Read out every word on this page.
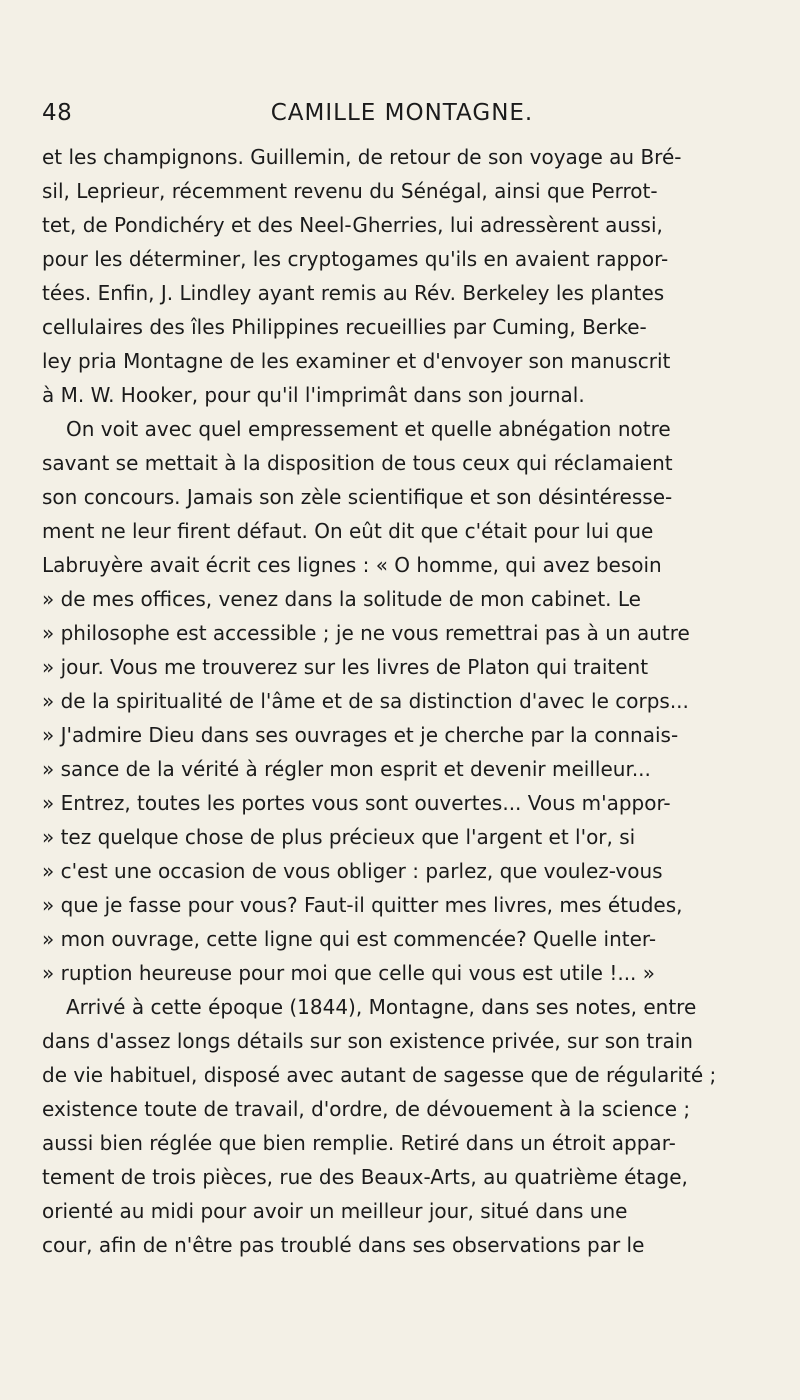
48	CAMILLE MONTAGNE.
et les champignons. Guillemin, de retour de son voyage au Bré-
sil, Leprieur, récemment revenu du Sénégal, ainsi que Perrot-
tet, de Pondichéry et des Neel-Gherries, lui adressèrent aussi,
pour les déterminer, les cryptogames qu'ils en avaient rappor-
tées. Enfin, J. Lindley ayant remis au Rév. Berkeley les plantes
cellulaires des îles Philippines recueillies par Cuming, Berke-
ley pria Montagne de les examiner et d'envoyer son manuscrit
à M. W. Hooker, pour qu'il l'imprimât dans son journal.
On voit avec quel empressement et quelle abnégation notre
savant se mettait à la disposition de tous ceux qui réclamaient
son concours. Jamais son zèle scientifique et son désintéresse-
ment ne leur firent défaut. On eût dit que c'était pour lui que
Labruyère avait écrit ces lignes : « O homme, qui avez besoin
» de mes offices, venez dans la solitude de mon cabinet. Le
» philosophe est accessible ; je ne vous remettrai pas à un autre
» jour. Vous me trouverez sur les livres de Platon qui traitent
» de la spiritualité de l'âme et de sa distinction d'avec le corps...
» J'admire Dieu dans ses ouvrages et je cherche par la connais-
» sance de la vérité à régler mon esprit et devenir meilleur...
» Entrez, toutes les portes vous sont ouvertes... Vous m'appor-
» tez quelque chose de plus précieux que l'argent et l'or, si
» c'est une occasion de vous obliger : parlez, que voulez-vous
» que je fasse pour vous? Faut-il quitter mes livres, mes études,
» mon ouvrage, cette ligne qui est commencée? Quelle inter-
» ruption heureuse pour moi que celle qui vous est utile !... »
Arrivé à cette époque (1844), Montagne, dans ses notes, entre
dans d'assez longs détails sur son existence privée, sur son train
de vie habituel, disposé avec autant de sagesse que de régularité ;
existence toute de travail, d'ordre, de dévouement à la science ;
aussi bien réglée que bien remplie. Retiré dans un étroit appar-
tement de trois pièces, rue des Beaux-Arts, au quatrième étage,
orienté au midi pour avoir un meilleur jour, situé dans une
cour, afin de n'être pas troublé dans ses observations par le
